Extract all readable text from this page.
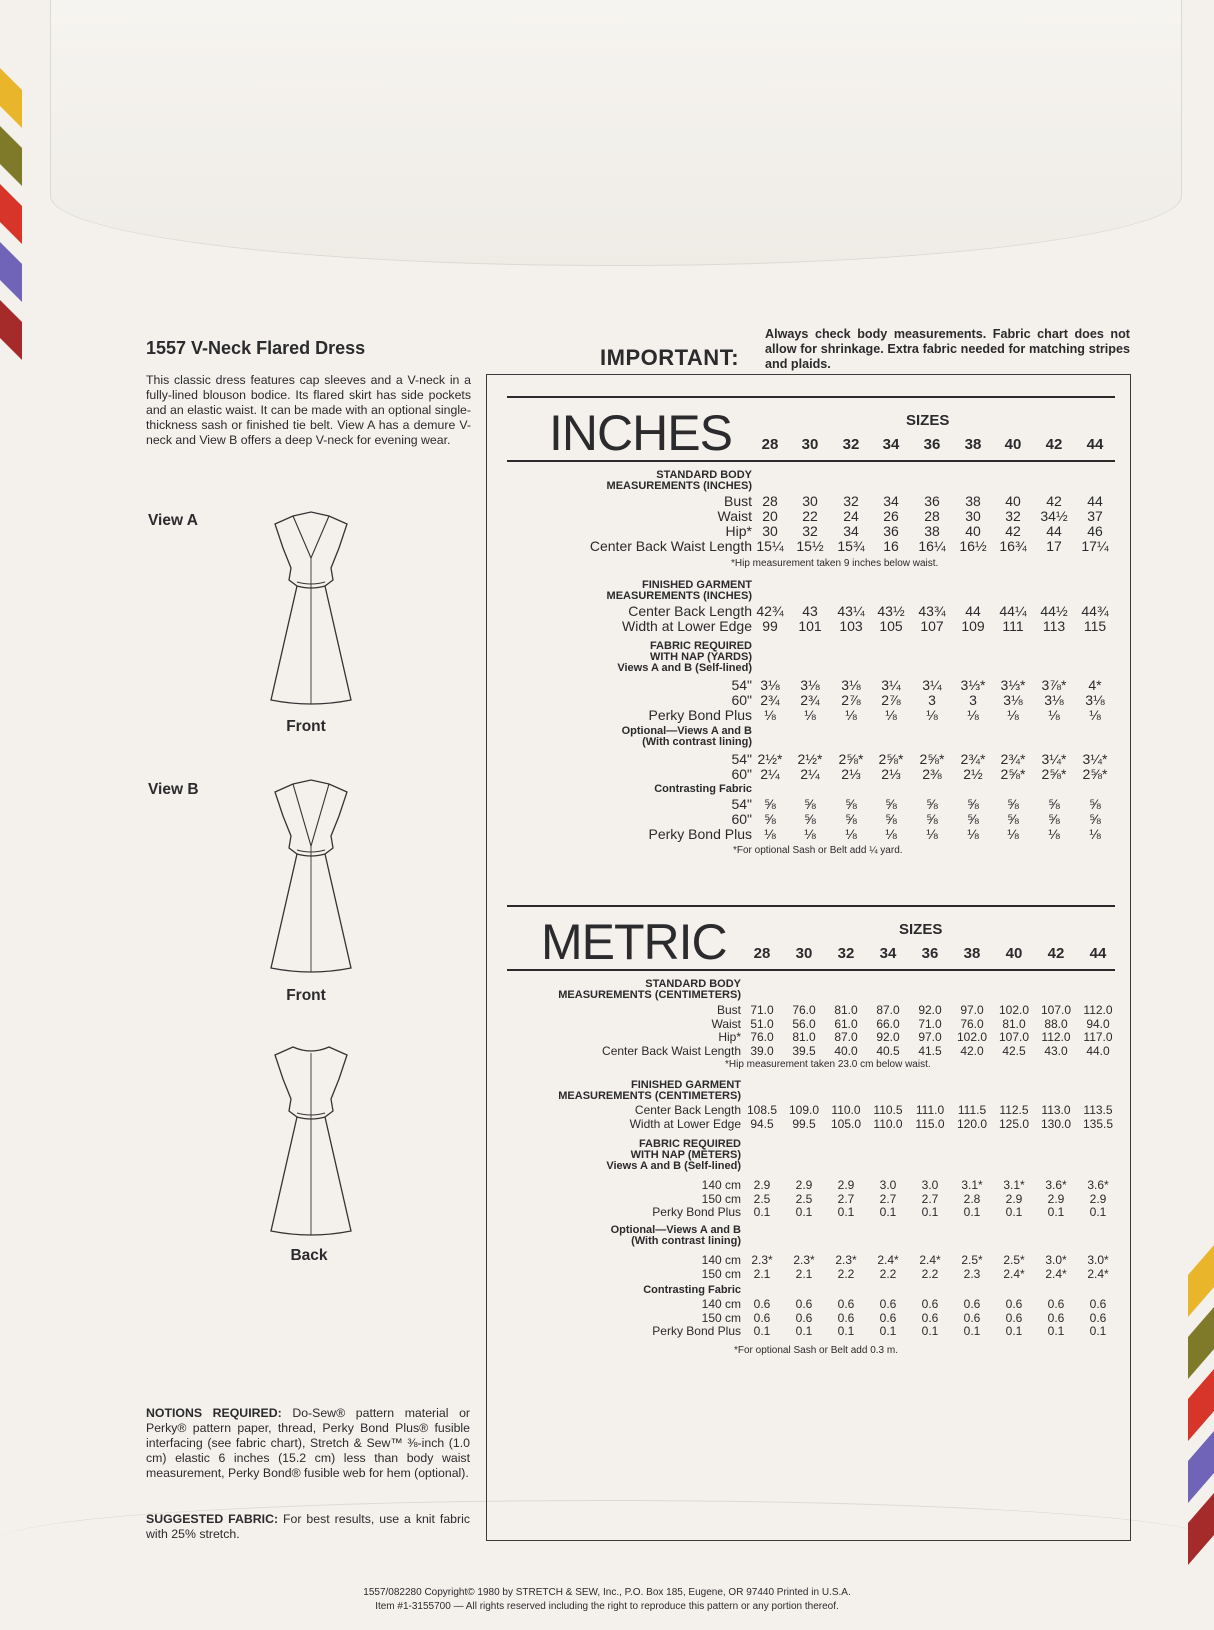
1557 V-Neck Flared Dress

This classic dress features cap sleeves and a V-neck in a fully-lined blouson bodice. Its flared skirt has side pockets and an elastic waist. It can be made with an optional single-thickness sash or finished tie belt. View A has a demure V-neck and View B offers a deep V-neck for evening wear.

View A
Front
View B
Front
Back
NOTIONS REQUIRED: Do-Sew® pattern material or Perky® pattern paper, thread, Perky Bond Plus® fusible interfacing (see fabric chart), Stretch & Sew™ ⅜-inch (1.0 cm) elastic 6 inches (15.2 cm) less than body waist measurement, Perky Bond® fusible web for hem (optional).
SUGGESTED FABRIC: For best results, use a knit fabric with 25% stretch.
IMPORTANT:
Always check body measurements. Fabric chart does not allow for shrinkage. Extra fabric needed for matching stripes and plaids.
INCHES	SIZES
28	30	32	34	36	38	40	42	44
STANDARD BODY
MEASUREMENTS (INCHES)
Bust 28	30	32	34	36	38	40	42	44
Waist 20	22	24	26	28	30	32	34½	37
Hip* 30	32	34	36	38	40	42	44	46
Center Back Waist Length 15¼ 15½ 15¾	16	16¼ 16½ 16¾	17	17¼
*Hip measurement taken 9 inches below waist.
FINISHED GARMENT
MEASUREMENTS (INCHES)
Center Back Length 42¾	43	43¼ 43½ 43¾	44	44¼ 44½ 44¾
Width at Lower Edge 99	101	103	105	107	109	111	113	115
FABRIC REQUIRED
WITH NAP (YARDS)
Views A and B (Self-lined)
54" 3⅛	3⅛	3⅛	3¼	3¼	3⅓*	3⅓*	3⅞*	4*
60" 2¾	2¾	2⅞	2⅞	3	3	3⅛	3⅛	3⅛
Perky Bond Plus ⅛	⅛	⅛	⅛	⅛	⅛	⅛	⅛	⅛
Optional—Views A and B
(With contrast lining)
54" 2½*	2½*	2⅝*	2⅝*	2⅝*	2¾*	2¾*	3¼*	3¼*
60" 2¼	2¼	2⅓	2⅓	2⅜	2½	2⅝*	2⅝*	2⅝*
Contrasting Fabric
54" ⅝	⅝	⅝	⅝	⅝	⅝	⅝	⅝	⅝
60" ⅝	⅝	⅝	⅝	⅝	⅝	⅝	⅝	⅝
Perky Bond Plus ⅛	⅛	⅛	⅛	⅛	⅛	⅛	⅛	⅛
*For optional Sash or Belt add ¼ yard.
METRIC	SIZES
28	30	32	34	36	38	40	42	44
STANDARD BODY
MEASUREMENTS (CENTIMETERS)
Bust 71.0	76.0	81.0	87.0	92.0	97.0	102.0 107.0	112.0
Waist 51.0	56.0	61.0	66.0	71.0	76.0	81.0	88.0	94.0
Hip* 76.0	81.0	87.0	92.0	97.0	102.0 107.0	112.0	117.0
Center Back Waist Length 39.0	39.5	40.0	40.5	41.5	42.0	42.5	43.0	44.0
*Hip measurement taken 23.0 cm below waist.
FINISHED GARMENT
MEASUREMENTS (CENTIMETERS)
Center Back Length 108.5 109.0	110.0	110.5	111.0	111.5	112.5	113.0	113.5
Width at Lower Edge 94.5	99.5	105.0	110.0	115.0	120.0 125.0 130.0 135.5
FABRIC REQUIRED
WITH NAP (METERS)
Views A and B (Self-lined)
140 cm	2.9	2.9	2.9	3.0	3.0	3.1*	3.1*	3.6*	3.6*
150 cm	2.5	2.5	2.7	2.7	2.7	2.8	2.9	2.9	2.9
Perky Bond Plus	0.1	0.1	0.1	0.1	0.1	0.1	0.1	0.1	0.1
Optional—Views A and B
(With contrast lining)
140 cm 2.3*	2.3*	2.3*	2.4*	2.4*	2.5*	2.5*	3.0*	3.0*
150 cm	2.1	2.1	2.2	2.2	2.2	2.3	2.4*	2.4*	2.4*
Contrasting Fabric
140 cm	0.6	0.6	0.6	0.6	0.6	0.6	0.6	0.6	0.6
150 cm	0.6	0.6	0.6	0.6	0.6	0.6	0.6	0.6	0.6
Perky Bond Plus	0.1	0.1	0.1	0.1	0.1	0.1	0.1	0.1	0.1
*For optional Sash or Belt add 0.3 m.
1557/082280 Copyright© 1980 by STRETCH & SEW, Inc., P.O. Box 185, Eugene, OR 97440 Printed in U.S.A.
Item #1-3155700 — All rights reserved including the right to reproduce this pattern or any portion thereof.
